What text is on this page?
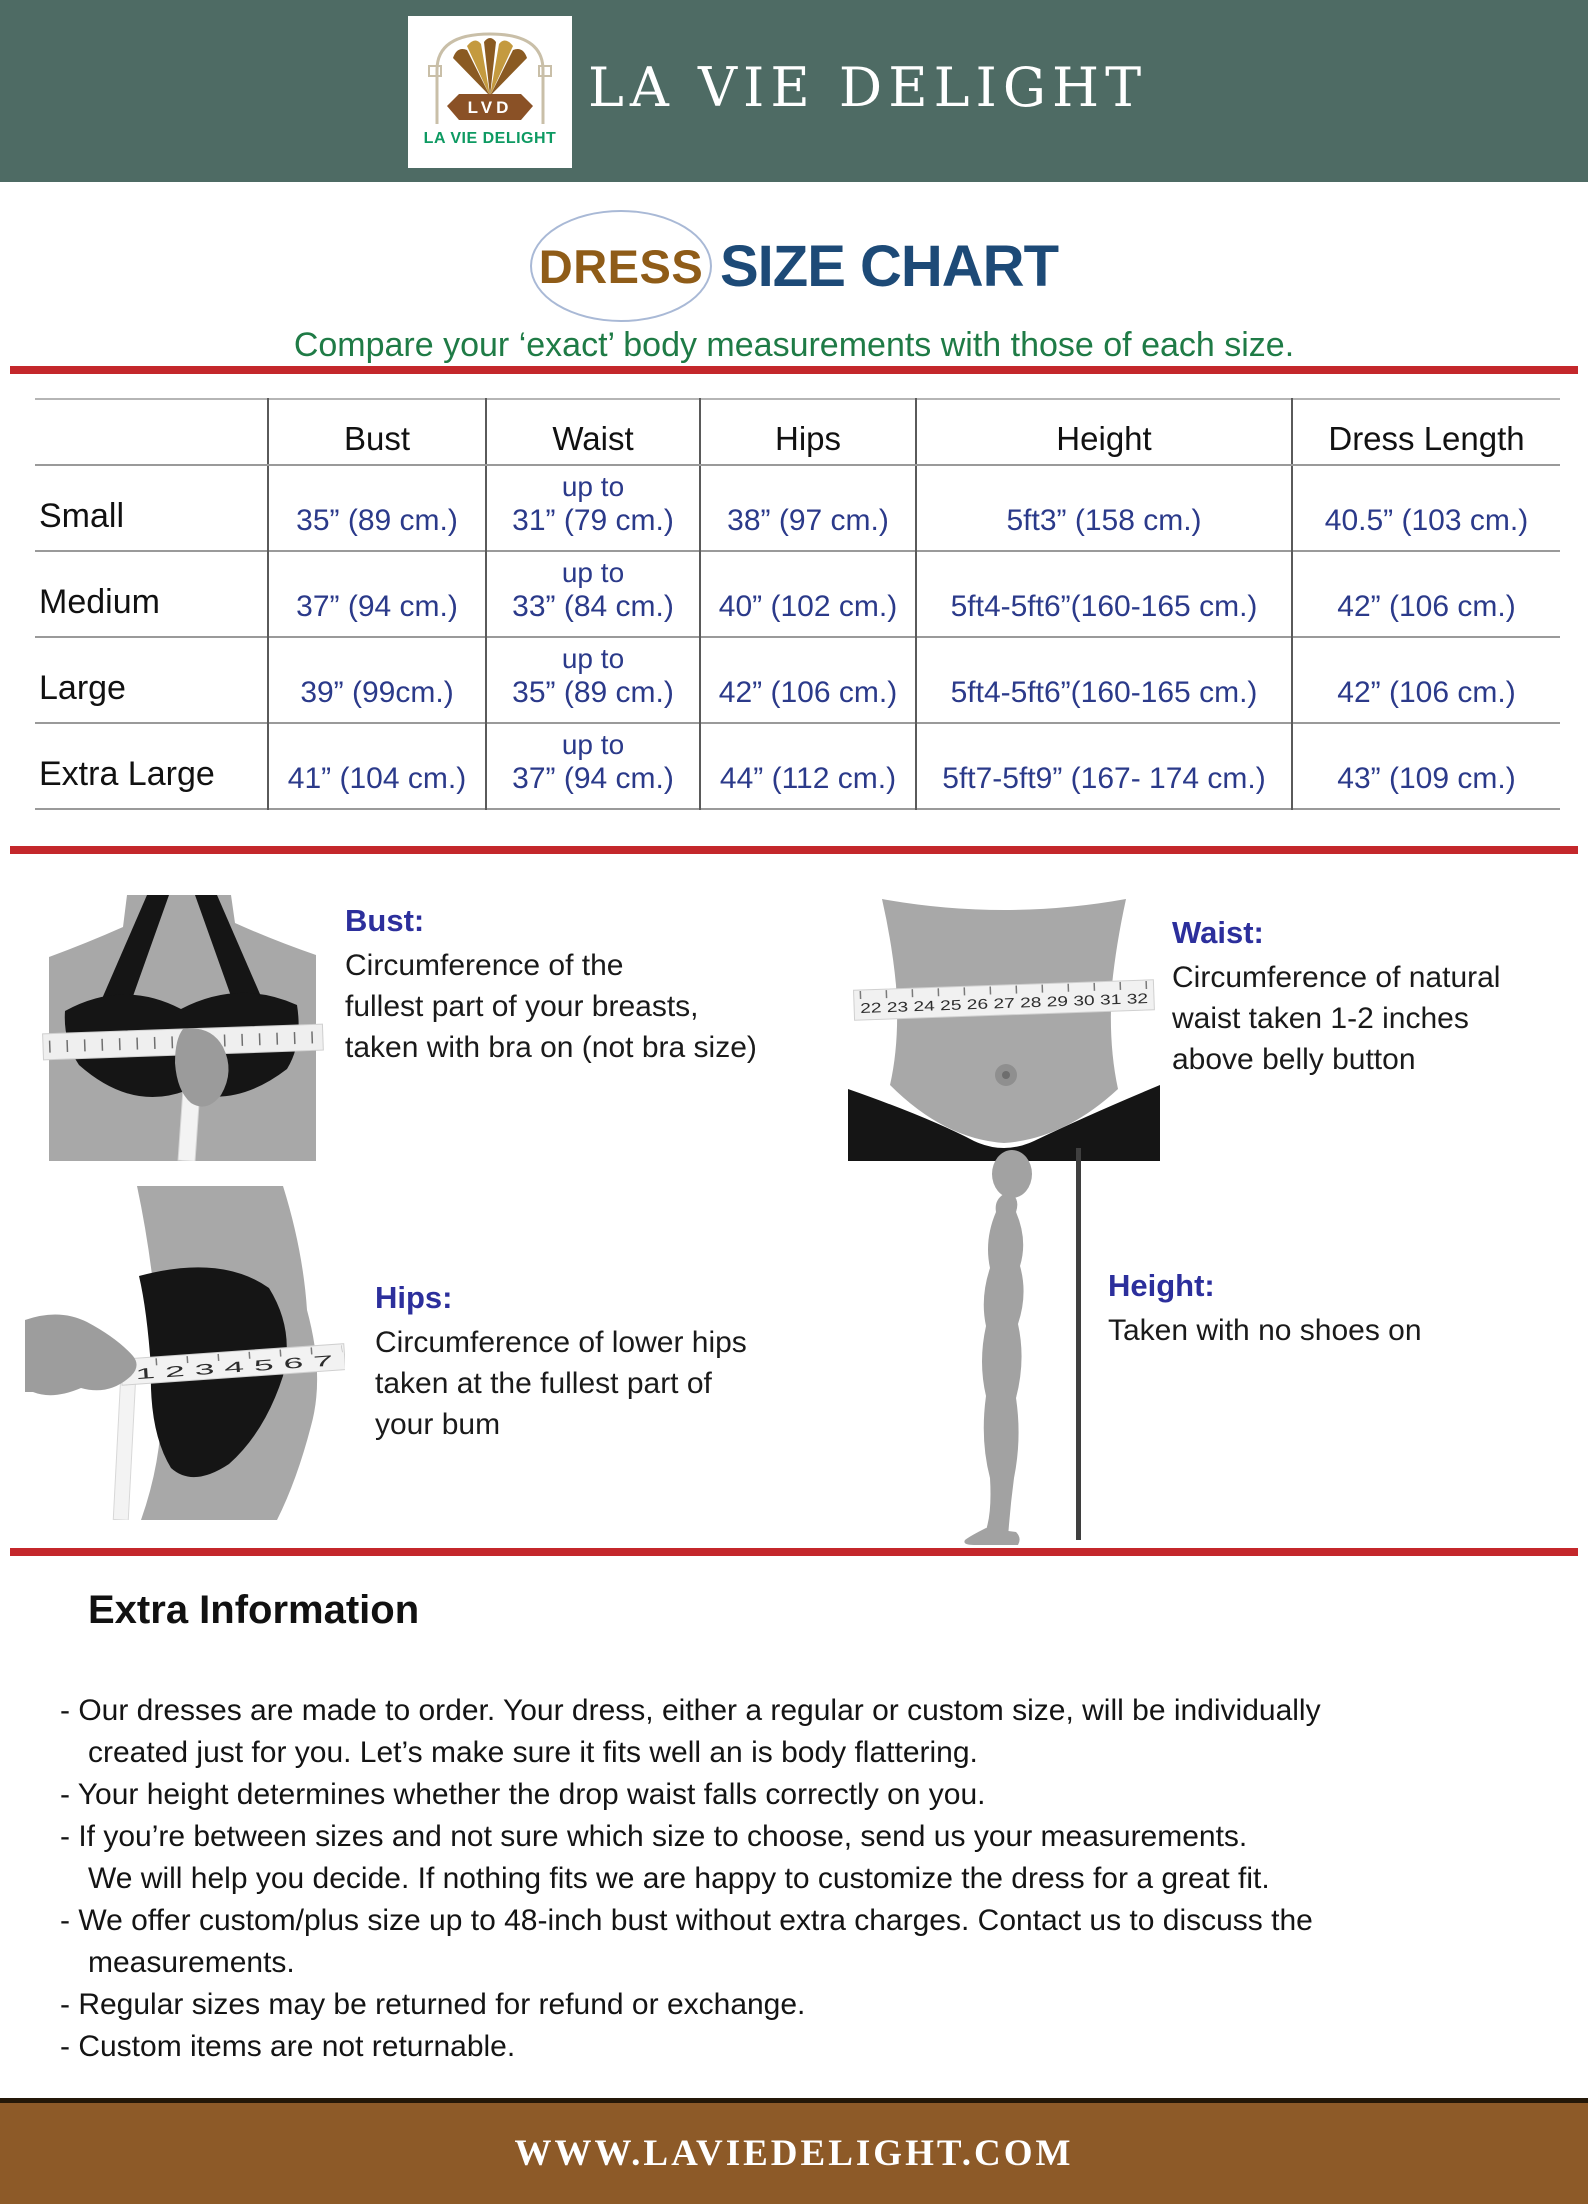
LVD
LA VIE DELIGHT
LA VIE DELIGHT
DRESS SIZE CHART
Compare your ‘exact’ body measurements with those of each size.
	Bust	Waist	Hips	Height	Dress Length
Small	35” (89 cm.)	up to
31” (79 cm.)	38” (97 cm.)	5ft3” (158 cm.)	40.5” (103 cm.)
Medium	37” (94 cm.)	up to
33” (84 cm.)	40” (102 cm.)	5ft4-5ft6”(160-165 cm.)	42” (106 cm.)
Large	39” (99cm.)	up to
35” (89 cm.)	42” (106 cm.)	5ft4-5ft6”(160-165 cm.)	42” (106 cm.)
Extra Large	41” (104 cm.)	up to
37” (94 cm.)	44” (112 cm.)	5ft7-5ft9” (167- 174 cm.)	43” (109 cm.)
Bust:
Circumference of the
fullest part of your breasts,
taken with bra on (not bra size)
22 23 24 25 26 27 28 29 30 31 32
Waist:
Circumference of natural
waist taken 1-2 inches
above belly button
1 2 3 4 5 6 7
Hips:
Circumference of lower hips
taken at the fullest part of
your bum
Height:
Taken with no shoes on
Extra Information
- Our dresses are made to order. Your dress, either a regular or custom size, will be individually
created just for you. Let’s make sure it fits well an is body flattering.
- Your height determines whether the drop waist falls correctly on you.
- If you’re between sizes and not sure which size to choose, send us your measurements.
We will help you decide. If nothing fits we are happy to customize the dress for a great fit.
- We offer custom/plus size up to 48-inch bust without extra charges. Contact us to discuss the
measurements.
- Regular sizes may be returned for refund or exchange.
- Custom items are not returnable.
WWW.LAVIEDELIGHT.COM
